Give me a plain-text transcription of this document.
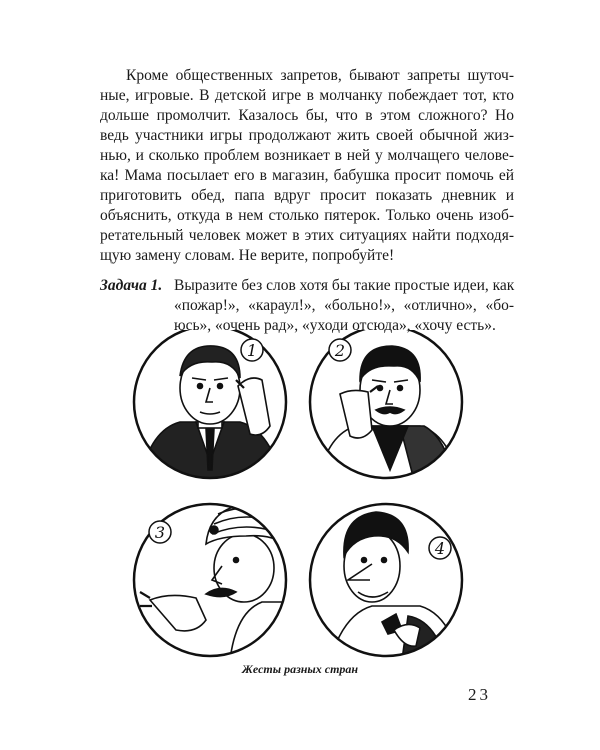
Кроме общественных запретов, бывают запреты шуточ-
ные, игровые. В детской игре в молчанку побеждает тот, кто
дольше промолчит. Казалось бы, что в этом сложного? Но
ведь участники игры продолжают жить своей обычной жиз-
нью, и сколько проблем возникает в ней у молчащего челове-
ка! Мама посылает его в магазин, бабушка просит помочь ей
приготовить обед, папа вдруг просит показать дневник и
объяснить, откуда в нем столько пятерок. Только очень изоб-
ретательный человек может в этих ситуациях найти подходя-
щую замену словам. Не верите, попробуйте!
Задача 1. Выразите без слов хотя бы такие простые идеи, как
«пожар!», «караул!», «больно!», «отлично», «бо-
юсь», «очень рад», «уходи отсюда», «хочу есть».
1	2
3
4
Жесты разных стран
23
